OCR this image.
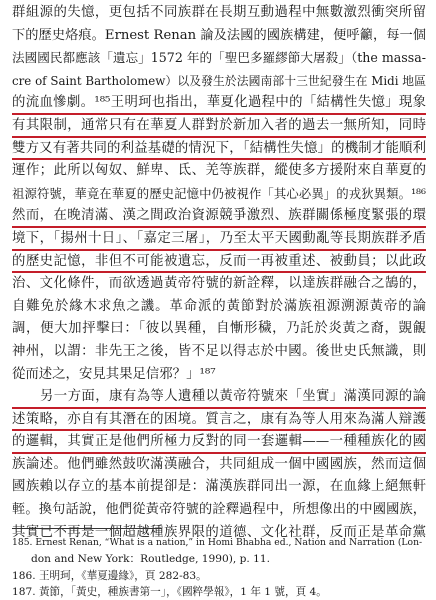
群組源的失憶，更包括不同族群在長期互動過程中無數激烈衝突所留
下的歷史烙痕。Ernest Renan 論及法國的國族構建，便呼籲，每一個
法國國民都應該「遺忘」1572 年的「聖巴多羅繆節大屠殺」（the massa-
cre of Saint Bartholomew）以及發生於法國南部十三世紀發生在 Midi 地區
的流血慘劇。¹⁸⁵王明珂也指出，華夏化過程中的「結構性失憶」現象
有其限制，通常只有在華夏人群對於新加入者的過去一無所知，同時
雙方又有著共同的利益基礎的情況下，「結構性失憶」的機制才能順利
運作；此所以匈奴、鮮卑、氐、羌等族群，縱使多方援附來自華夏的
祖源符號，華竟在華夏的歷史記憶中仍被視作「其心必異」的戎狄異類。¹⁸⁶
然而，在晚清滿、漢之間政治資源競爭激烈、族群關係極度緊張的環
境下，「揚州十日」、「嘉定三屠」，乃至太平天國動亂等長期族群矛盾
的歷史記憶，非但不可能被遺忘，反而一再被重述、被動員；以此政
治、文化條件，而欲透過黃帝符號的新詮釋，以達族群融合之鵠的，
自難免於緣木求魚之譏。革命派的黃節對於滿族祖源溯源黃帝的論
調，便大加抨擊曰：「彼以異種，自慚形穢，乃託於炎黃之裔，覬覦
神州，以謂：非先王之後，皆不足以得志於中國。後世史氏無識，則
從而述之，安見其果足信邪？」¹⁸⁷
另一方面，康有為等人遺種以黃帝符號來「坐實」滿漢同源的論
述策略，亦自有其潛在的困境。質言之，康有為等人用來為滿人辯護
的邏輯，其實正是他們所極力反對的同一套邏輯——一種種族化的國
族論述。他們雖然鼓吹滿漢融合，共同組成一個中國國族，然而這個
國族賴以存立的基本前提卻是：滿漢族群同出一源，在血緣上絕無軒
輊。換句話說，他們從黃帝符號的詮釋過程中，所想像出的中國國族，
其實已不再是一個超越種族界限的道德、文化社群，反而正是革命黨
185. Ernest Renan, “What is a nation,” in Homi Bhabha ed., Nation and Narration (Lon-
don and New York：Routledge, 1990), p. 11.
186. 王明珂，《華夏邊緣》，頁 282-83。
187. 黃節，「黃史，種族書第一」，《國粹學報》，1 年 1 號，頁 4。
